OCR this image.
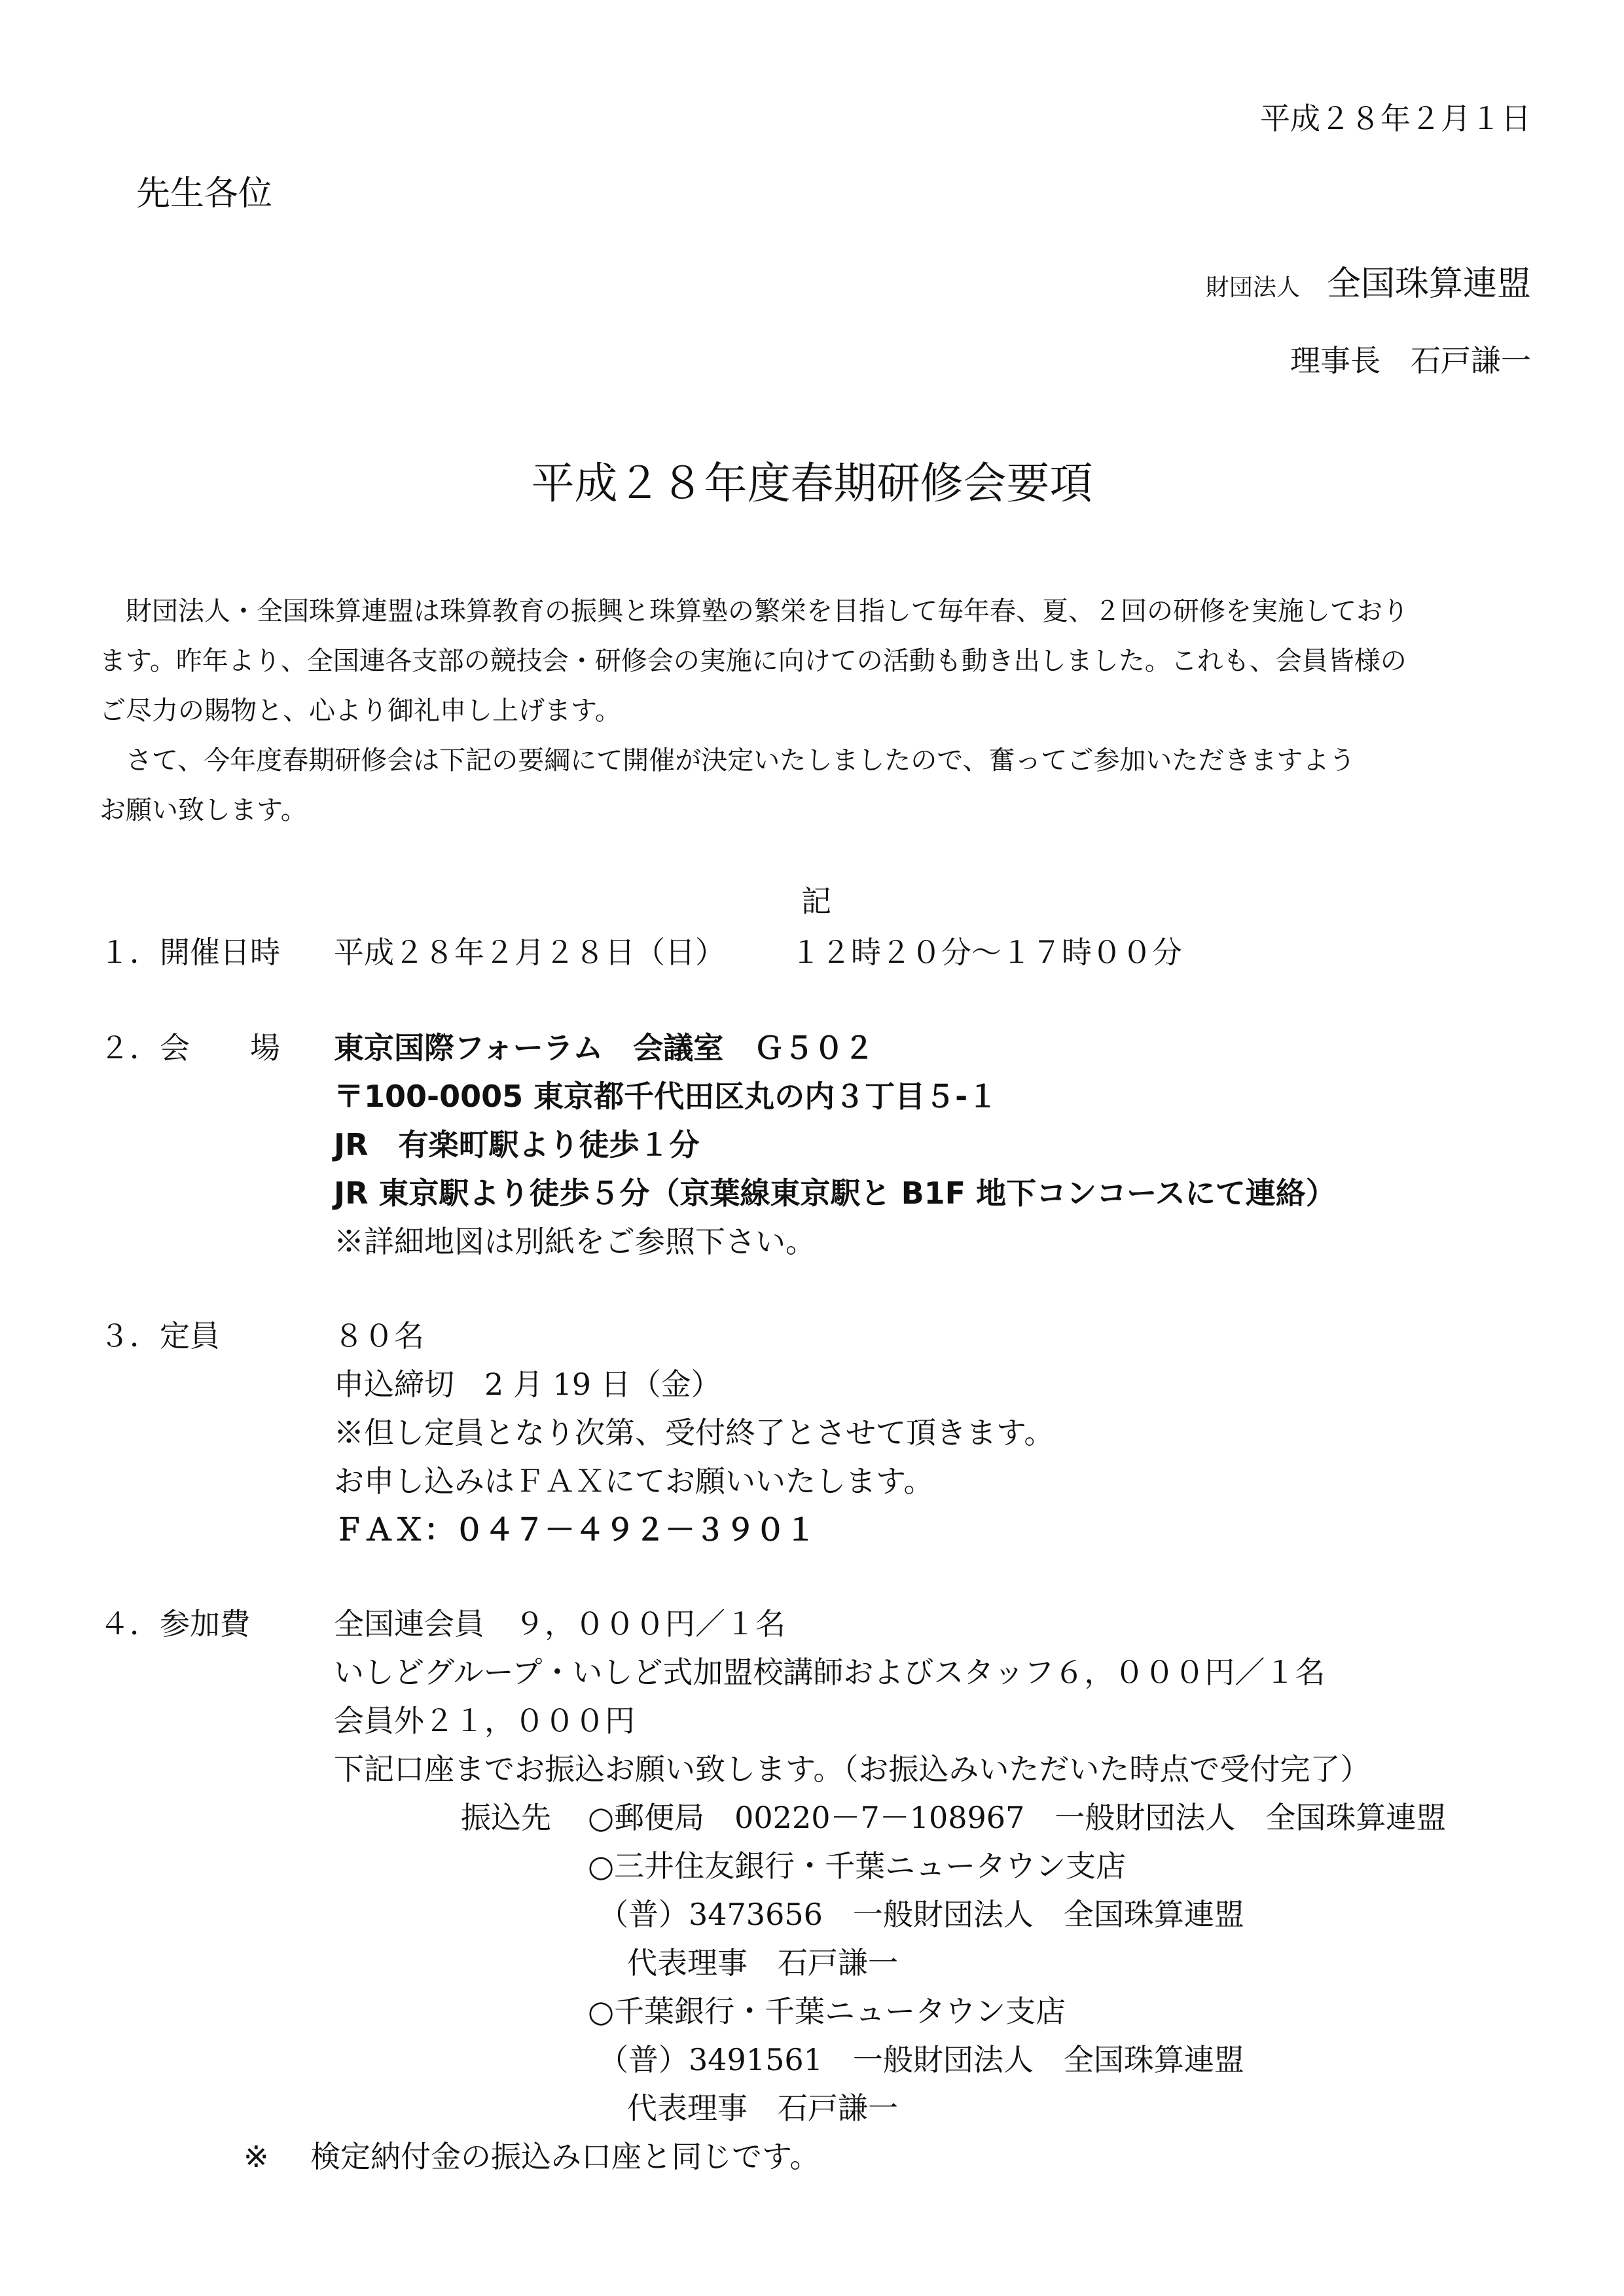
平成２８年２月１日
先生各位
財団法人 全国珠算連盟
理事長　石戸謙一
平成２８年度春期研修会要項
　財団法人・全国珠算連盟は珠算教育の振興と珠算塾の繁栄を目指して毎年春、夏、２回の研修を実施しており
ます。昨年より、全国連各支部の競技会・研修会の実施に向けての活動も動き出しました。これも、会員皆様の
ご尽力の賜物と、心より御礼申し上げます。
　さて、今年度春期研修会は下記の要綱にて開催が決定いたしましたので、奮ってご参加いただきますよう
お願い致します。
記
１．開催日時 平成２８年２月２８日（日） １２時２０分～１７時００分
２．会　　場 東京国際フォーラム　会議室　Ｇ５０２
〒100-0005 東京都千代田区丸の内３丁目５-１
JR　有楽町駅より徒歩１分
JR 東京駅より徒歩５分（京葉線東京駅と B1F 地下コンコースにて連絡）
※詳細地図は別紙をご参照下さい。
３．定員	８０名
申込締切　2 月 19 日（金）
※但し定員となり次第、受付終了とさせて頂きます。
お申し込みはＦＡＸにてお願いいたします。
ＦＡＸ：０４７－４９２－３９０１
４．参加費	全国連会員　９，０００円／１名
いしどグループ・いしど式加盟校講師およびスタッフ６，０００円／１名
会員外２１，０００円
下記口座までお振込お願い致します。（お振込みいただいた時点で受付完了）
振込先 ○郵便局　00220－7－108967　一般財団法人　全国珠算連盟
○三井住友銀行・千葉ニュータウン支店
（普）3473656　一般財団法人　全国珠算連盟
代表理事　石戸謙一
○千葉銀行・千葉ニュータウン支店
（普）3491561　一般財団法人　全国珠算連盟
代表理事　石戸謙一
※ 検定納付金の振込み口座と同じです。
